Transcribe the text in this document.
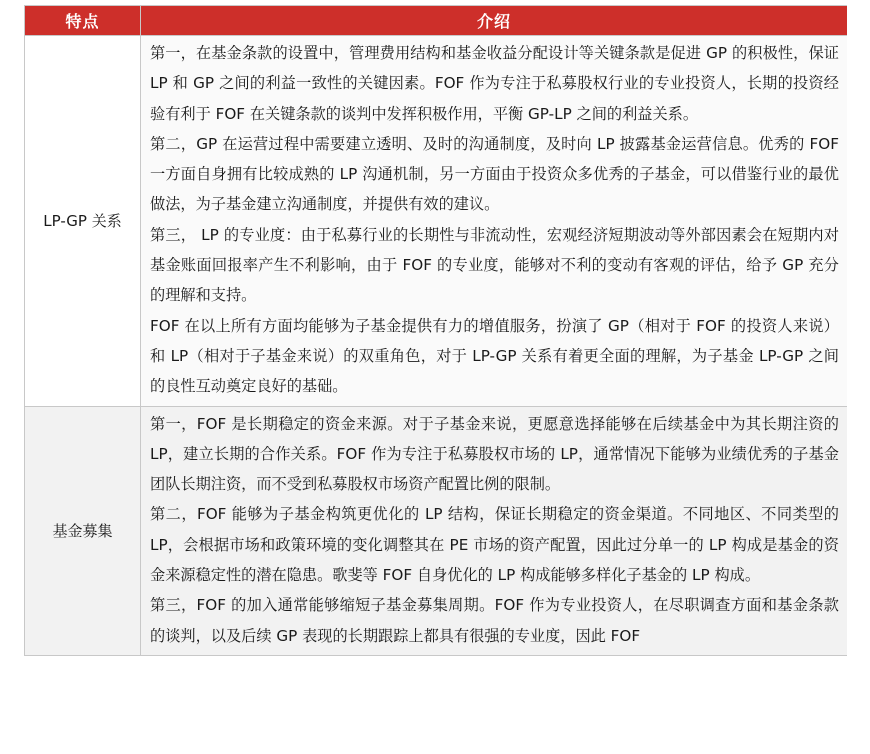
特点	介绍
LP-GP 关系	第一，在基金条款的设置中，管理费用结构和基金收益分配设计等关键条款是促进 GP 的积极性，保证 LP 和 GP 之间的利益一致性的关键因素。FOF 作为专注于私募股权行业的专业投资人，长期的投资经验有利于 FOF 在关键条款的谈判中发挥积极作用，平衡 GP-LP 之间的利益关系。

第二，GP 在运营过程中需要建立透明、及时的沟通制度，及时向 LP 披露基金运营信息。优秀的 FOF 一方面自身拥有比较成熟的 LP 沟通机制，另一方面由于投资众多优秀的子基金，可以借鉴行业的最优做法，为子基金建立沟通制度，并提供有效的建议。

第三， LP 的专业度：由于私募行业的长期性与非流动性，宏观经济短期波动等外部因素会在短期内对基金账面回报率产生不利影响，由于 FOF 的专业度，能够对不利的变动有客观的评估，给予 GP 充分的理解和支持。

FOF 在以上所有方面均能够为子基金提供有力的增值服务，扮演了 GP（相对于 FOF 的投资人来说）和 LP（相对于子基金来说）的双重角色，对于 LP-GP 关系有着更全面的理解，为子基金 LP-GP 之间的良性互动奠定良好的基础。

基金募集	第一，FOF 是长期稳定的资金来源。对于子基金来说，更愿意选择能够在后续基金中为其长期注资的 LP，建立长期的合作关系。FOF 作为专注于私募股权市场的 LP，通常情况下能够为业绩优秀的子基金团队长期注资，而不受到私募股权市场资产配置比例的限制。

第二，FOF 能够为子基金构筑更优化的 LP 结构，保证长期稳定的资金渠道。不同地区、不同类型的 LP，会根据市场和政策环境的变化调整其在 PE 市场的资产配置，因此过分单一的 LP 构成是基金的资金来源稳定性的潜在隐患。歌斐等 FOF 自身优化的 LP 构成能够多样化子基金的 LP 构成。

第三，FOF 的加入通常能够缩短子基金募集周期。FOF 作为专业投资人，在尽职调查方面和基金条款的谈判，以及后续 GP 表现的长期跟踪上都具有很强的专业度，因此 FOF
